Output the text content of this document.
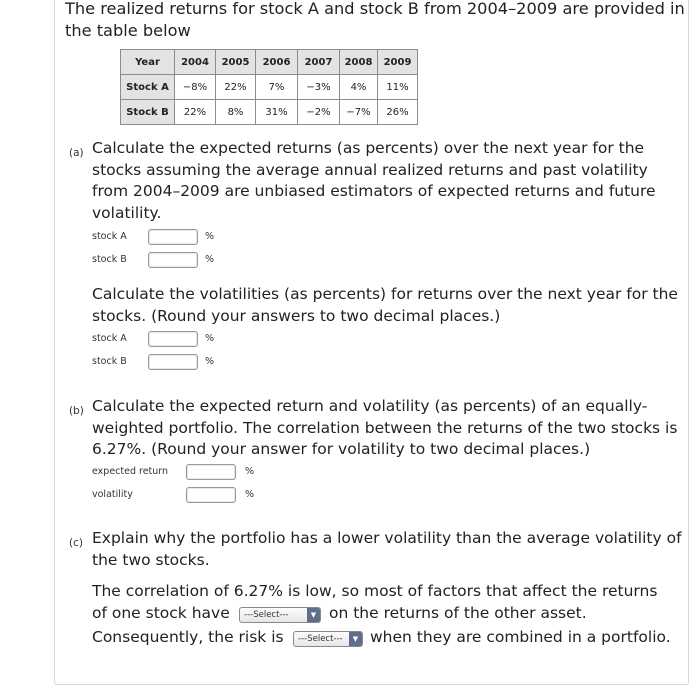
The realized returns for stock A and stock B from 2004–2009 are provided in the table below
Year	2004	2005	2006	2007	2008	2009
Stock A	−8%	22%	7%	−3%	4%	11%
Stock B	22%	8%	31%	−2%	−7%	26%
(a) Calculate the expected returns (as percents) over the next year for the stocks assuming the average annual realized returns and past volatility from 2004–2009 are unbiased estimators of expected returns and future volatility.
stock A	%
stock B	%
Calculate the volatilities (as percents) for returns over the next year for the stocks. (Round your answers to two decimal places.)
stock A	%
stock B	%
(b) Calculate the expected return and volatility (as percents) of an equally-weighted portfolio. The correlation between the returns of the two stocks is 6.27%. (Round your answer for volatility to two decimal places.)
expected return	%
volatility	%
(c) Explain why the portfolio has a lower volatility than the average volatility of the two stocks.
The correlation of 6.27% is low, so most of factors that affect the returns
of one stock have ---Select---	▼ on the returns of the other asset.
Consequently, the risk is ---Select---	▼ when they are combined in a portfolio.
